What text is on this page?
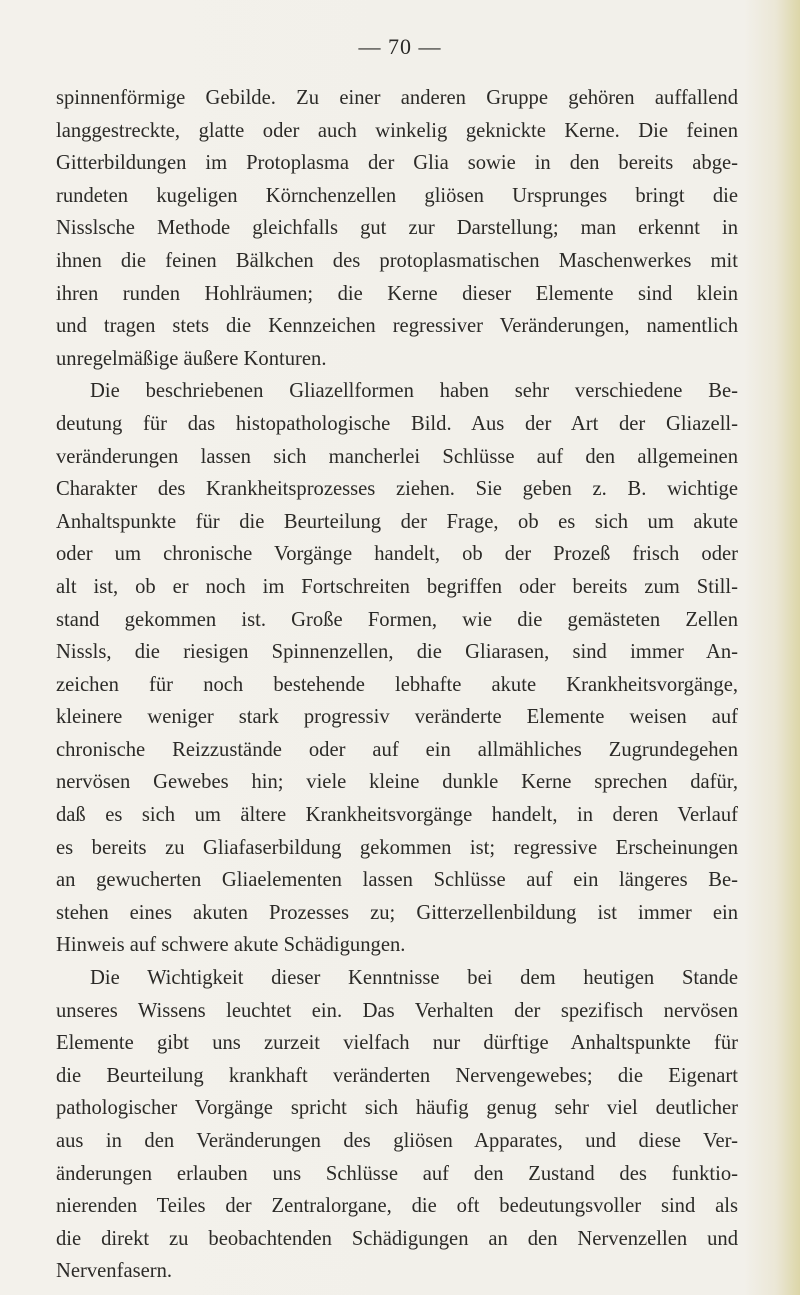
— 70 —
spinnenförmige Gebilde. Zu einer anderen Gruppe gehören auffallend
langgestreckte, glatte oder auch winkelig geknickte Kerne. Die feinen
Gitterbildungen im Protoplasma der Glia sowie in den bereits abge-
rundeten kugeligen Körnchenzellen gliösen Ursprunges bringt die
Nisslsche Methode gleichfalls gut zur Darstellung; man erkennt in
ihnen die feinen Bälkchen des protoplasmatischen Maschenwerkes mit
ihren runden Hohlräumen; die Kerne dieser Elemente sind klein
und tragen stets die Kennzeichen regressiver Veränderungen, namentlich
unregelmäßige äußere Konturen.
Die beschriebenen Gliazellformen haben sehr verschiedene Be-
deutung für das histopathologische Bild. Aus der Art der Gliazell-
veränderungen lassen sich mancherlei Schlüsse auf den allgemeinen
Charakter des Krankheitsprozesses ziehen. Sie geben z. B. wichtige
Anhaltspunkte für die Beurteilung der Frage, ob es sich um akute
oder um chronische Vorgänge handelt, ob der Prozeß frisch oder
alt ist, ob er noch im Fortschreiten begriffen oder bereits zum Still-
stand gekommen ist. Große Formen, wie die gemästeten Zellen
Nissls, die riesigen Spinnenzellen, die Gliarasen, sind immer An-
zeichen für noch bestehende lebhafte akute Krankheitsvorgänge,
kleinere weniger stark progressiv veränderte Elemente weisen auf
chronische Reizzustände oder auf ein allmähliches Zugrundegehen
nervösen Gewebes hin; viele kleine dunkle Kerne sprechen dafür,
daß es sich um ältere Krankheitsvorgänge handelt, in deren Verlauf
es bereits zu Gliafaserbildung gekommen ist; regressive Erscheinungen
an gewucherten Gliaelementen lassen Schlüsse auf ein längeres Be-
stehen eines akuten Prozesses zu; Gitterzellenbildung ist immer ein
Hinweis auf schwere akute Schädigungen.
Die Wichtigkeit dieser Kenntnisse bei dem heutigen Stande
unseres Wissens leuchtet ein. Das Verhalten der spezifisch nervösen
Elemente gibt uns zurzeit vielfach nur dürftige Anhaltspunkte für
die Beurteilung krankhaft veränderten Nervengewebes; die Eigenart
pathologischer Vorgänge spricht sich häufig genug sehr viel deutlicher
aus in den Veränderungen des gliösen Apparates, und diese Ver-
änderungen erlauben uns Schlüsse auf den Zustand des funktio-
nierenden Teiles der Zentralorgane, die oft bedeutungsvoller sind als
die direkt zu beobachtenden Schädigungen an den Nervenzellen und
Nervenfasern.
